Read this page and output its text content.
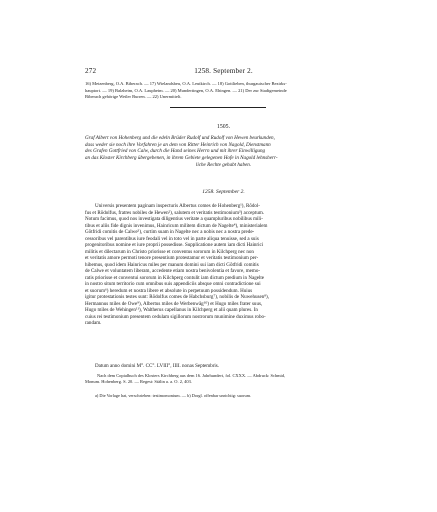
272	1258. September 2.

16) Metzenberg, O.A. Biberach. — 17) Wielandsbeu, O.A. Leutkirch. — 18) Gottlieben, thurgauischer Bezirks-

hauptort. — 19) Balzheim, O.A. Laupheim. — 20) Mundertingen, O.A. Ehingen. — 21) Der zur Stadtgemeinde

Biberach gehörige Weiler Burren. — 22) Unermittelt.

1505.
Graf Albert von Hohenberg und die edeln Brüder Rudolf und Rudolf von Hewen beurkunden,
dass weder sie noch ihre Vorfahren je an dem von Ritter Heinrich von Nagold, Dienstmann
des Grafen Gottfried von Calw, durch die Hand seines Herrn und mit ihrer Einwilligung
an das Kloster Kirchberg übergebenen, in ihrem Gebiete gelegenen Hofe in Nagold lehnsherr-
liche Rechte gehabt haben.
1258. September 2.

Universis presentem paginam inspecturis Albertus comes de Hohenberg¹), Rŏdol-

fus et Rŏdolfus, fratres nobiles de Hewen²), salutem et veritatis testimonium³) acceptum.

Notum facimus, quod nos investigata diligentius veritate a quampluribus nobilibus mili-

tibus et aliis fide dignis invenimus, Hainricum militem dictum de Nagelte⁴), ministerialem

Gŏtfridi comitis de Calwe⁵), curtim suam in Nagelte nec a nobis nec a nostra prede-

cessoribus vel parentibus iure feodali vel in toto vel in parte aliqua tenuisse, sed a suis

progenitoribus nomine et iure proprii possedisse. Supplicatione autem iam dicti Hainrici

militis et dilectarum in Christo priorisse et conventus sororum in Kilchperg nec non

et veritatis amore permoti tenore presentium protestamur et veritatis testimonium per-

hibemus, quod idem Hainricus miles per manum domini sui iam dicti Gŏtfridi comitis

de Calwe et voluntatem liberam, accedente etiam nostra benivolentia et favore, memo-

ratis priorisse et conventui sororum in Kilchperg contulit iam dictum predium in Nagelte

in nostro situm territorio cum omnibus suis appendiciis absque omni contradictione sui

et suorum⁶) heredum et nostra libere et absolute in perpetuum possidendum. Huius

igitur protestationis testes sunt: Rŏdolfus comes de Habchsburg⁷), nobilis de Nuwehusen⁸),

Hermannus miles de Owe⁹), Albertus miles de Werbenwâg¹⁰) et Hugo miles frater suus,

Hugo miles de Wehingen¹¹), Waltherus capellanus in Kilchperg et alii quam plures. In

cuius rei testimonium presentem cedulam sigillorum nostrorum munimine duximus robo-

randam.

Datum anno domini M°. CC°. LVIII°, IIII. nonas Septembris.

Nach dem Copialbuch des Klosters Kirchberg aus dem 16. Jahrhundert, fol. CXXX. — Abdruck: Schmid,

Monum. Hohenberg. S. 20. — Regest: Stälin a. a. O. 2, 403.

a) Die Vorlage hat, verschrieben: testimomonium. — b) Dorgl. offenbar unrichtig: suorum.
